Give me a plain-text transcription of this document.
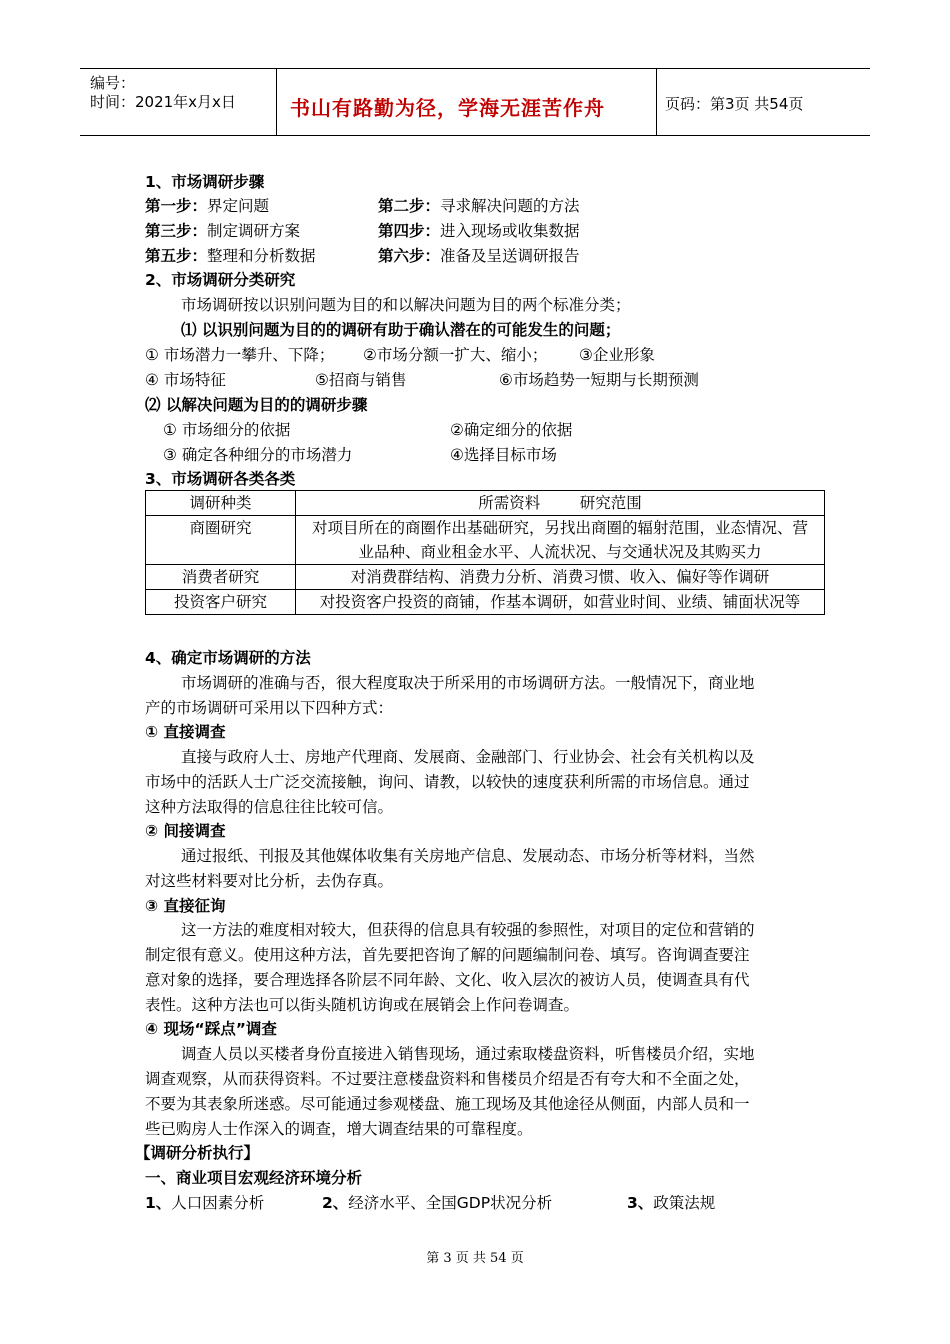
编号：
时间：2021年x月x日	书山有路勤为径，学海无涯苦作舟	页码：第3页 共54页
1、市场调研步骤
第一步：界定问题	第二步：寻求解决问题的方法
第三步：制定调研方案	第四步：进入现场或收集数据
第五步：整理和分析数据	第六步：准备及呈送调研报告
2、市场调研分类研究
市场调研按以识别问题为目的和以解决问题为目的两个标准分类；
⑴ 以识别问题为目的的调研有助于确认潜在的可能发生的问题；
① 市场潜力一攀升、下降； ②市场分额一扩大、缩小； ③企业形象
④ 市场特征	⑤招商与销售	⑥市场趋势一短期与长期预测
⑵ 以解决问题为目的的调研步骤
① 市场细分的依据	②确定细分的依据
③ 确定各种细分的市场潜力	④选择目标市场
3、市场调研各类各类
调研种类	所需资料        研究范围
商圈研究	对项目所在的商圈作出基础研究，另找出商圈的辐射范围，业态情况、营业品种、商业租金水平、人流状况、与交通状况及其购买力
消费者研究	对消费群结构、消费力分析、消费习惯、收入、偏好等作调研
投资客户研究	对投资客户投资的商铺，作基本调研，如营业时间、业绩、铺面状况等
4、确定市场调研的方法
市场调研的准确与否，很大程度取决于所采用的市场调研方法。一般情况下，商业地
产的市场调研可采用以下四种方式：
① 直接调查
直接与政府人士、房地产代理商、发展商、金融部门、行业协会、社会有关机构以及
市场中的活跃人士广泛交流接触，询问、请教，以较快的速度获利所需的市场信息。通过
这种方法取得的信息往往比较可信。
② 间接调查
通过报纸、刊报及其他媒体收集有关房地产信息、发展动态、市场分析等材料，当然
对这些材料要对比分析，去伪存真。
③ 直接征询
这一方法的难度相对较大，但获得的信息具有较强的参照性，对项目的定位和营销的
制定很有意义。使用这种方法，首先要把咨询了解的问题编制问卷、填写。咨询调查要注
意对象的选择，要合理选择各阶层不同年龄、文化、收入层次的被访人员，使调查具有代
表性。这种方法也可以街头随机访询或在展销会上作问卷调查。
④ 现场“踩点”调查
调查人员以买楼者身份直接进入销售现场，通过索取楼盘资料，听售楼员介绍，实地
调查观察，从而获得资料。不过要注意楼盘资料和售楼员介绍是否有夸大和不全面之处，
不要为其表象所迷惑。尽可能通过参观楼盘、施工现场及其他途径从侧面，内部人员和一
些已购房人士作深入的调查，增大调查结果的可靠程度。
【调研分析执行】
一、商业项目宏观经济环境分析
1、人口因素分析	2、经济水平、全国GDP状况分析	3、政策法规
第 3 页 共 54 页
